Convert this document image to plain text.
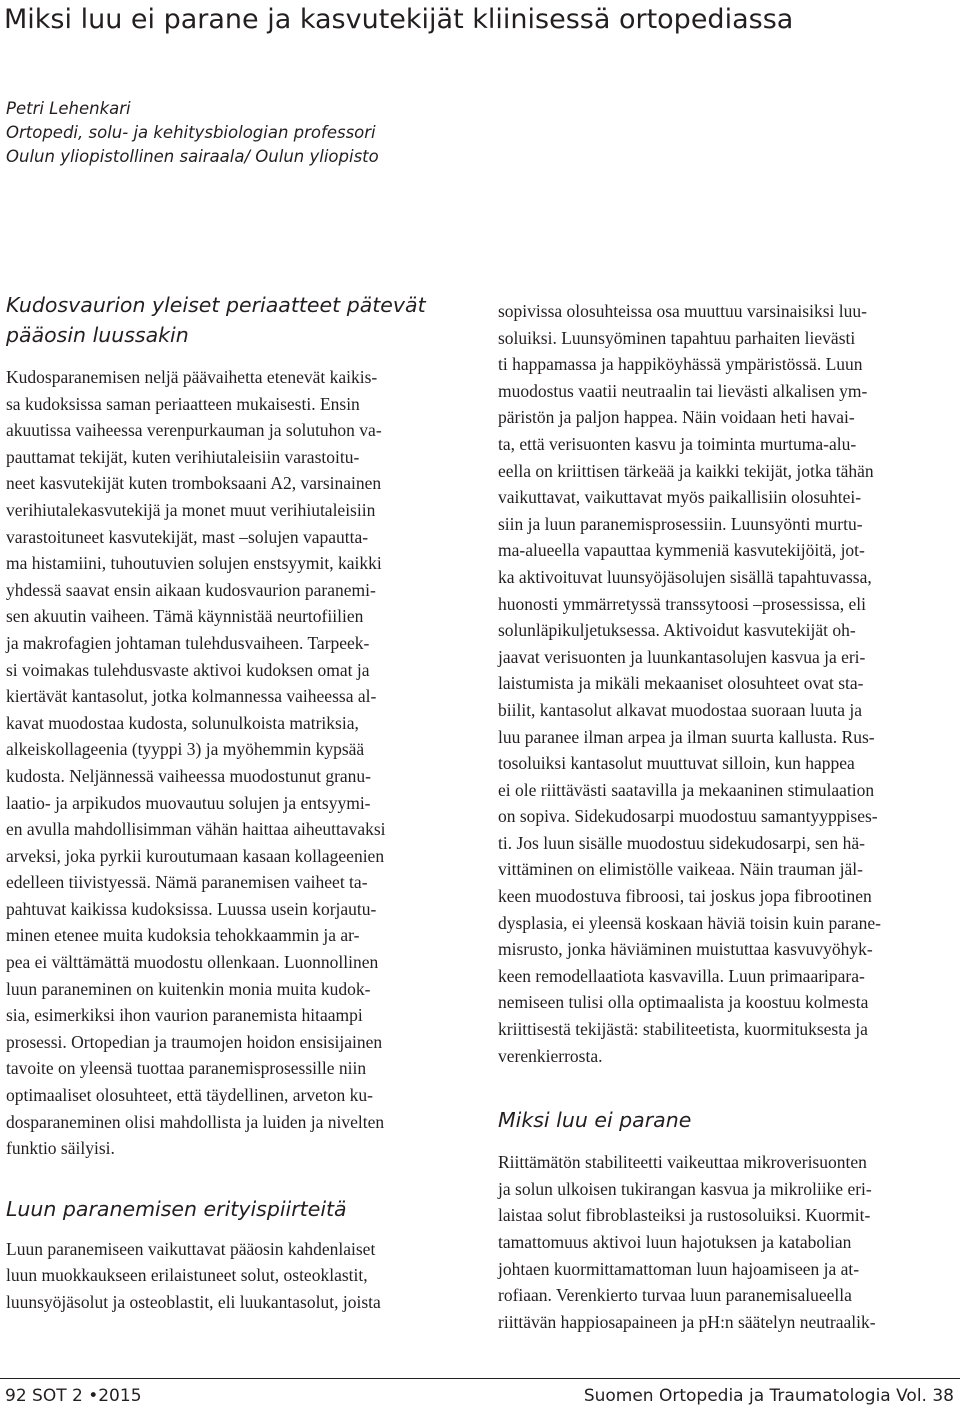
Miksi luu ei parane ja kasvutekijät kliinisessä ortopediassa
Petri Lehenkari
Ortopedi, solu- ja kehitysbiologian professori
Oulun yliopistollinen sairaala/ Oulun yliopisto
Kudosvaurion yleiset periaatteet pätevät
pääosin luussakin
Kudosparanemisen neljä päävaihetta etenevät kaikis-
sa kudoksissa saman periaatteen mukaisesti. Ensin
akuutissa vaiheessa verenpurkauman ja solutuhon va-
pauttamat tekijät, kuten verihiutaleisiin varastoitu-
neet kasvutekijät kuten tromboksaani A2, varsinainen
verihiutalekasvutekijä ja monet muut verihiutaleisiin
varastoituneet kasvutekijät, mast –solujen vapautta-
ma histamiini, tuhoutuvien solujen enstsyymit, kaikki
yhdessä saavat ensin aikaan kudosvaurion paranemi-
sen akuutin vaiheen. Tämä käynnistää neurtofiilien
ja makrofagien johtaman tulehdusvaiheen. Tarpeek-
si voimakas tulehdusvaste aktivoi kudoksen omat ja
kiertävät kantasolut, jotka kolmannessa vaiheessa al-
kavat muodostaa kudosta, solunulkoista matriksia,
alkeiskollageenia (tyyppi 3) ja myöhemmin kypsää
kudosta. Neljännessä vaiheessa muodostunut granu-
laatio- ja arpikudos muovautuu solujen ja entsyymi-
en avulla mahdollisimman vähän haittaa aiheuttavaksi
arveksi, joka pyrkii kuroutumaan kasaan kollageenien
edelleen tiivistyessä. Nämä paranemisen vaiheet ta-
pahtuvat kaikissa kudoksissa. Luussa usein korjautu-
minen etenee muita kudoksia tehokkaammin ja ar-
pea ei välttämättä muodostu ollenkaan. Luonnollinen
luun paraneminen on kuitenkin monia muita kudok-
sia, esimerkiksi ihon vaurion paranemista hitaampi
prosessi. Ortopedian ja traumojen hoidon ensisijainen
tavoite on yleensä tuottaa paranemisprosessille niin
optimaaliset olosuhteet, että täydellinen, arveton ku-
dosparaneminen olisi mahdollista ja luiden ja nivelten
funktio säilyisi.
Luun paranemisen erityispiirteitä
Luun paranemiseen vaikuttavat pääosin kahdenlaiset
luun muokkaukseen erilaistuneet solut, osteoklastit,
luunsyöjäsolut ja osteoblastit, eli luukantasolut, joista
sopivissa olosuhteissa osa muuttuu varsinaisiksi luu-
soluiksi. Luunsyöminen tapahtuu parhaiten lievästi
ti happamassa ja happiköyhässä ympäristössä. Luun
muodostus vaatii neutraalin tai lievästi alkalisen ym-
päristön ja paljon happea. Näin voidaan heti havai-
ta, että verisuonten kasvu ja toiminta murtuma-alu-
eella on kriittisen tärkeää ja kaikki tekijät, jotka tähän
vaikuttavat, vaikuttavat myös paikallisiin olosuhtei-
siin ja luun paranemisprosessiin. Luunsyönti murtu-
ma-alueella vapauttaa kymmeniä kasvutekijöitä, jot-
ka aktivoituvat luunsyöjäsolujen sisällä tapahtuvassa,
huonosti ymmärretyssä transsytoosi –prosessissa, eli
solunläpikuljetuksessa. Aktivoidut kasvutekijät oh-
jaavat verisuonten ja luunkantasolujen kasvua ja eri-
laistumista ja mikäli mekaaniset olosuhteet ovat sta-
biilit, kantasolut alkavat muodostaa suoraan luuta ja
luu paranee ilman arpea ja ilman suurta kallusta. Rus-
tosoluiksi kantasolut muuttuvat silloin, kun happea
ei ole riittävästi saatavilla ja mekaaninen stimulaation
on sopiva. Sidekudosarpi muodostuu samantyyppises-
ti. Jos luun sisälle muodostuu sidekudosarpi, sen hä-
vittäminen on elimistölle vaikeaa. Näin trauman jäl-
keen muodostuva fibroosi, tai joskus jopa fibrootinen
dysplasia, ei yleensä koskaan häviä toisin kuin parane-
misrusto, jonka häviäminen muistuttaa kasvuvyöhyk-
keen remodellaatiota kasvavilla. Luun primaaripara-
nemiseen tulisi olla optimaalista ja koostuu kolmesta
kriittisestä tekijästä: stabiliteetista, kuormituksesta ja
verenkierrosta.
Miksi luu ei parane
Riittämätön stabiliteetti vaikeuttaa mikroverisuonten
ja solun ulkoisen tukirangan kasvua ja mikroliike eri-
laistaa solut fibroblasteiksi ja rustosoluiksi. Kuormit-
tamattomuus aktivoi luun hajotuksen ja katabolian
johtaen kuormittamattoman luun hajoamiseen ja at-
rofiaan. Verenkierto turvaa luun paranemisalueella
riittävän happiosapaineen ja pH:n säätelyn neutraalik-
92 SOT 2 •2015	Suomen Ortopedia ja Traumatologia Vol. 38
